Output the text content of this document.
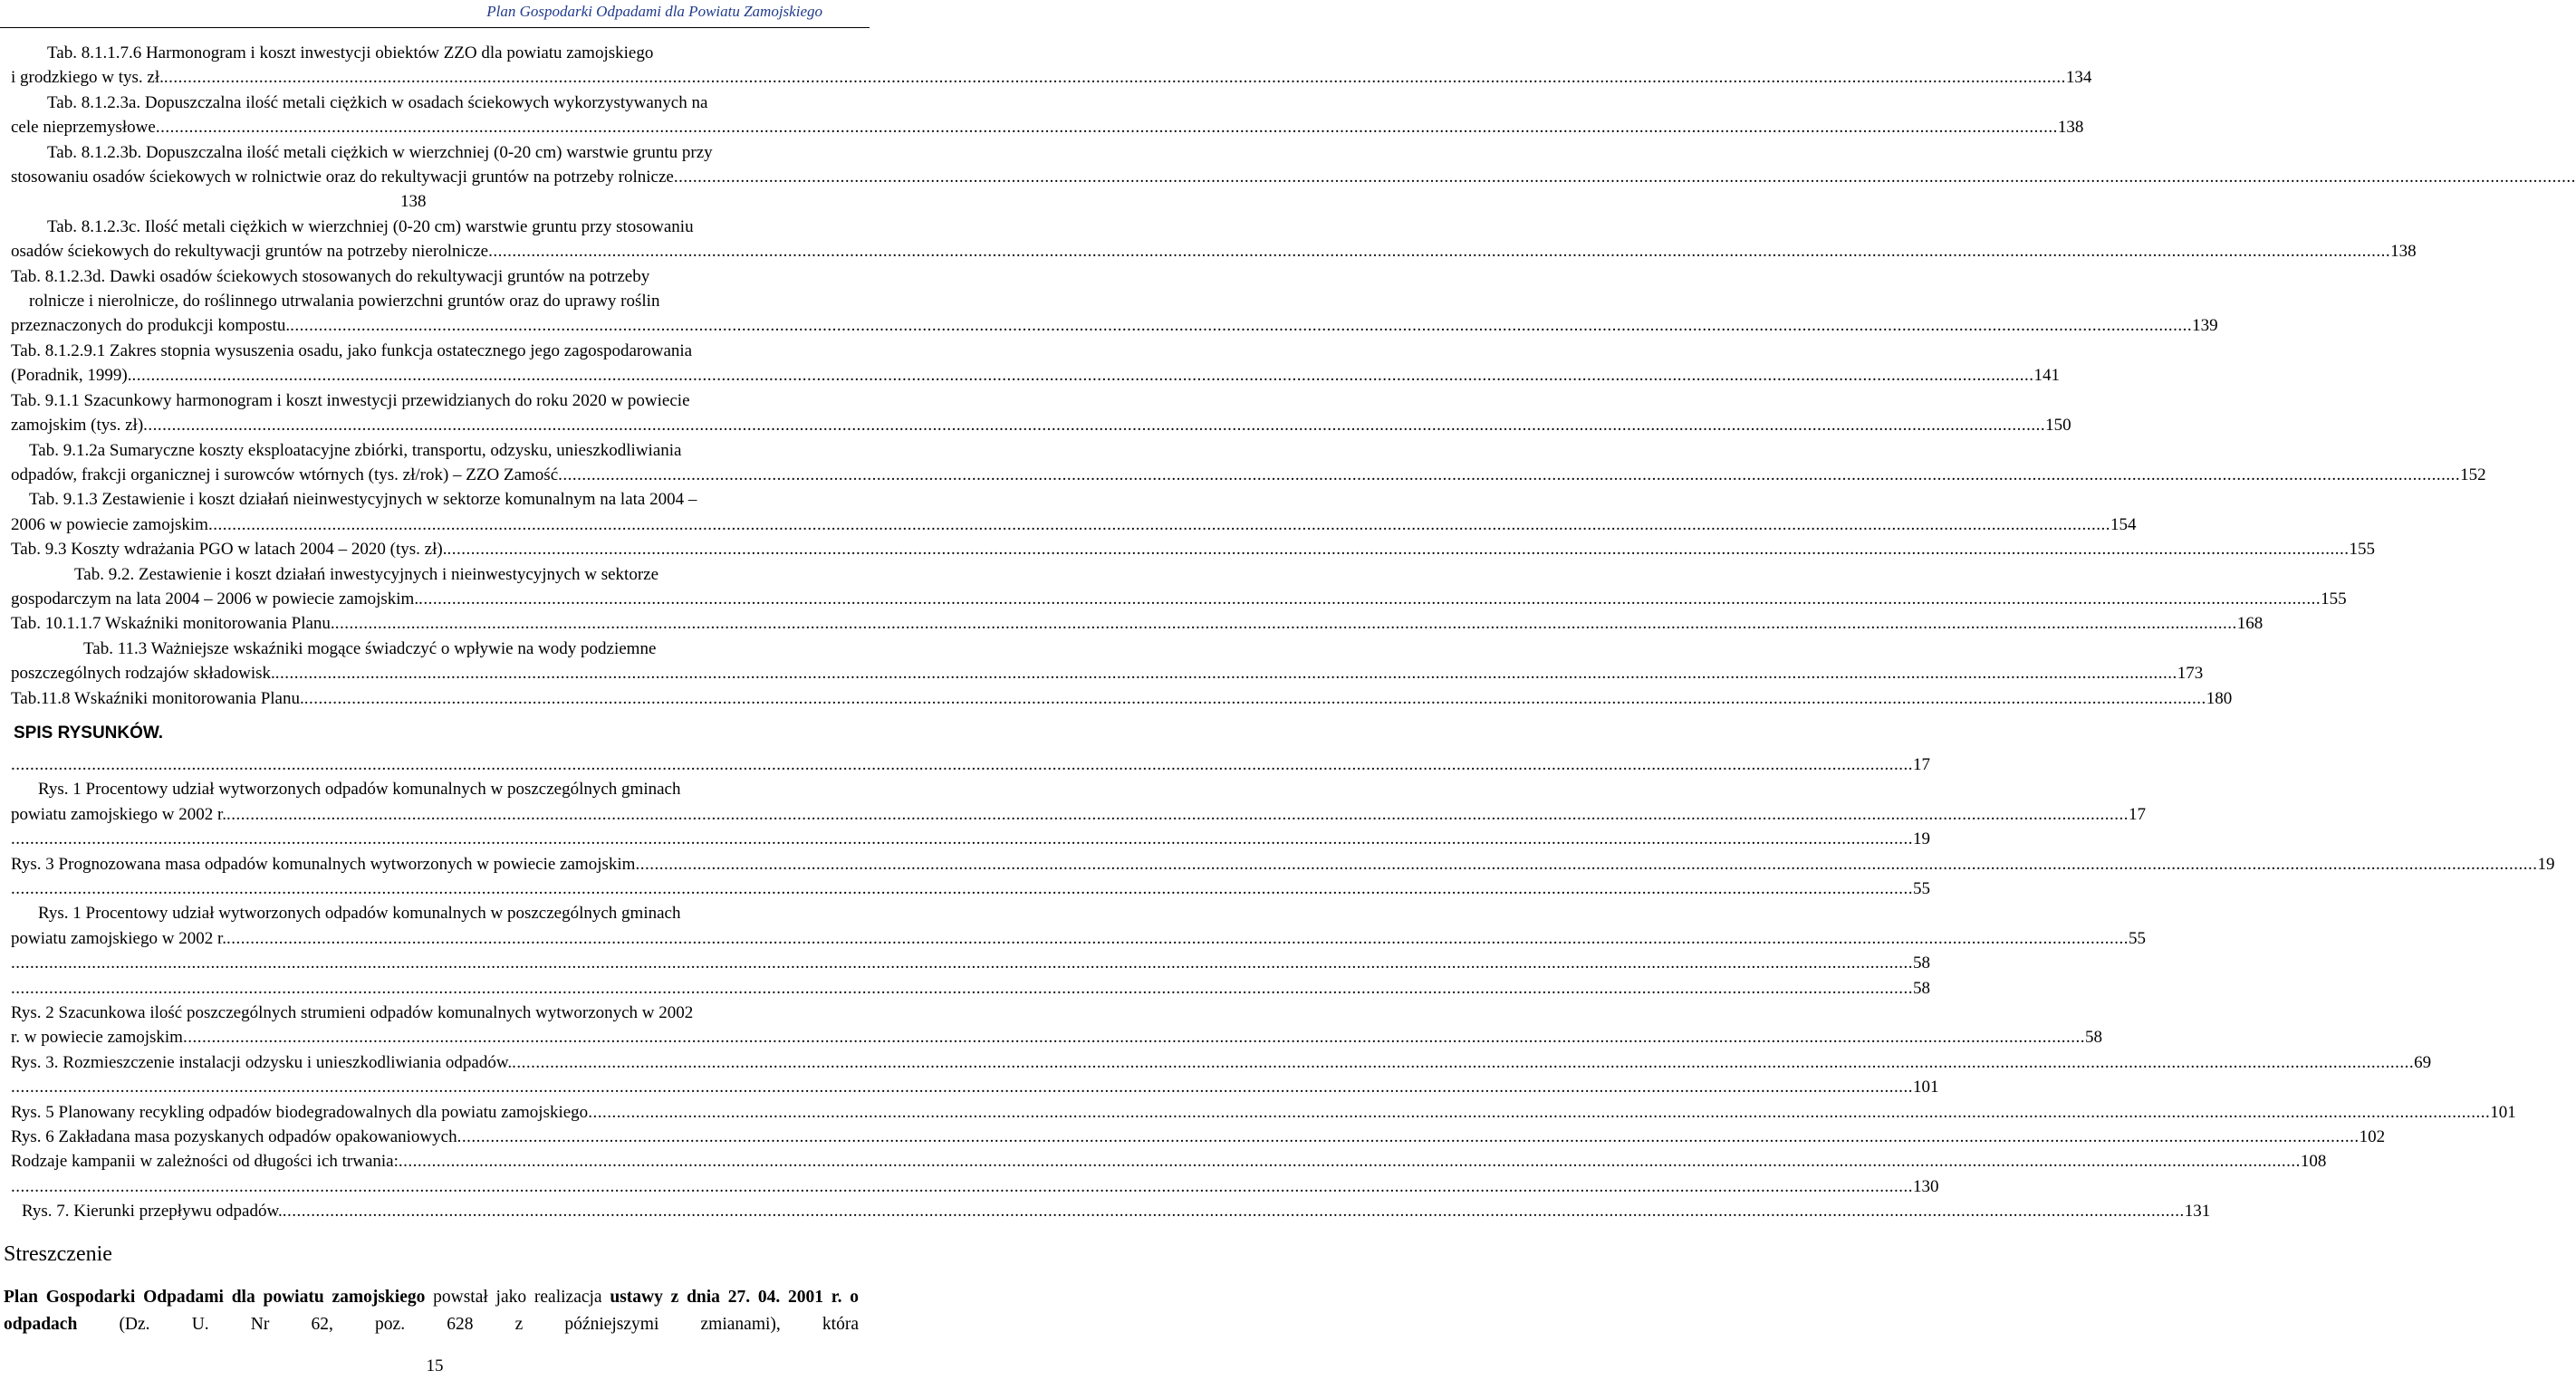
Plan Gospodarki Odpadami dla Powiatu Zamojskiego
Tab. 8.1.1.7.6 Harmonogram i koszt inwestycji obiektów ZZO dla powiatu zamojskiego
i grodzkiego w tys. zł. ................................................................................................................................................................................................................................................................................................................................................................................................................ 134
Tab. 8.1.2.3a. Dopuszczalna ilość metali ciężkich w osadach ściekowych wykorzystywanych na
cele nieprzemysłowe ................................................................................................................................................................................................................................................................................................................................................................................................................ 138
Tab. 8.1.2.3b. Dopuszczalna ilość metali ciężkich w wierzchniej (0-20 cm) warstwie gruntu przy
stosowaniu osadów ściekowych w rolnictwie oraz do rekultywacji gruntów na potrzeby rolnicze ................................................................................................................................................................................................................................................................................................................................................................................................................
138
Tab. 8.1.2.3c. Ilość metali ciężkich w wierzchniej (0-20 cm) warstwie gruntu przy stosowaniu
osadów ściekowych do rekultywacji gruntów na potrzeby nierolnicze ................................................................................................................................................................................................................................................................................................................................................................................................................ 138
Tab. 8.1.2.3d. Dawki osadów ściekowych stosowanych do rekultywacji gruntów na potrzeby
rolnicze i nierolnicze, do roślinnego utrwalania powierzchni gruntów oraz do uprawy roślin
przeznaczonych do produkcji kompostu. ................................................................................................................................................................................................................................................................................................................................................................................................................ 139
Tab. 8.1.2.9.1 Zakres stopnia wysuszenia osadu, jako funkcja ostatecznego jego zagospodarowania
(Poradnik, 1999). ................................................................................................................................................................................................................................................................................................................................................................................................................ 141
Tab. 9.1.1 Szacunkowy harmonogram i koszt inwestycji przewidzianych do roku 2020 w powiecie
zamojskim (tys. zł) ................................................................................................................................................................................................................................................................................................................................................................................................................ 150
Tab. 9.1.2a Sumaryczne koszty eksploatacyjne zbiórki, transportu, odzysku, unieszkodliwiania
odpadów, frakcji organicznej i surowców wtórnych (tys. zł/rok) – ZZO Zamość ................................................................................................................................................................................................................................................................................................................................................................................................................ 152
Tab. 9.1.3 Zestawienie i koszt działań nieinwestycyjnych w sektorze komunalnym na lata 2004 –
2006 w powiecie zamojskim ................................................................................................................................................................................................................................................................................................................................................................................................................ 154
Tab. 9.3 Koszty wdrażania PGO w latach 2004 – 2020 (tys. zł). ................................................................................................................................................................................................................................................................................................................................................................................................................ 155
Tab. 9.2. Zestawienie i koszt działań inwestycyjnych i nieinwestycyjnych w sektorze
gospodarczym na lata 2004 – 2006 w powiecie zamojskim. ................................................................................................................................................................................................................................................................................................................................................................................................................ 155
Tab. 10.1.1.7 Wskaźniki monitorowania Planu. ................................................................................................................................................................................................................................................................................................................................................................................................................ 168
Tab. 11.3 Ważniejsze wskaźniki mogące świadczyć o wpływie na wody podziemne
poszczególnych rodzajów składowisk. ................................................................................................................................................................................................................................................................................................................................................................................................................ 173
Tab.11.8 Wskaźniki monitorowania Planu. ................................................................................................................................................................................................................................................................................................................................................................................................................ 180
SPIS RYSUNKÓW.
................................................................................................................................................................................................................................................................................................................................................................................................................ 17
Rys. 1 Procentowy udział wytworzonych odpadów komunalnych w poszczególnych gminach
powiatu zamojskiego w 2002 r. ................................................................................................................................................................................................................................................................................................................................................................................................................ 17
................................................................................................................................................................................................................................................................................................................................................................................................................ 19
Rys. 3 Prognozowana masa odpadów komunalnych wytworzonych w powiecie zamojskim ................................................................................................................................................................................................................................................................................................................................................................................................................ 19
................................................................................................................................................................................................................................................................................................................................................................................................................ 55
Rys. 1 Procentowy udział wytworzonych odpadów komunalnych w poszczególnych gminach
powiatu zamojskiego w 2002 r. ................................................................................................................................................................................................................................................................................................................................................................................................................ 55
................................................................................................................................................................................................................................................................................................................................................................................................................ 58
................................................................................................................................................................................................................................................................................................................................................................................................................ 58
Rys. 2 Szacunkowa ilość poszczególnych strumieni odpadów komunalnych wytworzonych w 2002
r. w powiecie zamojskim ................................................................................................................................................................................................................................................................................................................................................................................................................ 58
Rys. 3. Rozmieszczenie instalacji odzysku i unieszkodliwiania odpadów. ................................................................................................................................................................................................................................................................................................................................................................................................................ 69
................................................................................................................................................................................................................................................................................................................................................................................................................ 101
Rys. 5 Planowany recykling odpadów biodegradowalnych dla powiatu zamojskiego ................................................................................................................................................................................................................................................................................................................................................................................................................ 101
Rys. 6 Zakładana masa pozyskanych odpadów opakowaniowych ................................................................................................................................................................................................................................................................................................................................................................................................................ 102
Rodzaje kampanii w zależności od długości ich trwania: ................................................................................................................................................................................................................................................................................................................................................................................................................ 108
................................................................................................................................................................................................................................................................................................................................................................................................................ 130
Rys. 7. Kierunki przepływu odpadów. ................................................................................................................................................................................................................................................................................................................................................................................................................ 131
Streszczenie
Plan Gospodarki Odpadami dla powiatu zamojskiego powstał jako realizacja ustawy z dnia 27. 04. 2001 r. o odpadach (Dz. U. Nr 62, poz. 628 z późniejszymi zmianami), która
15
